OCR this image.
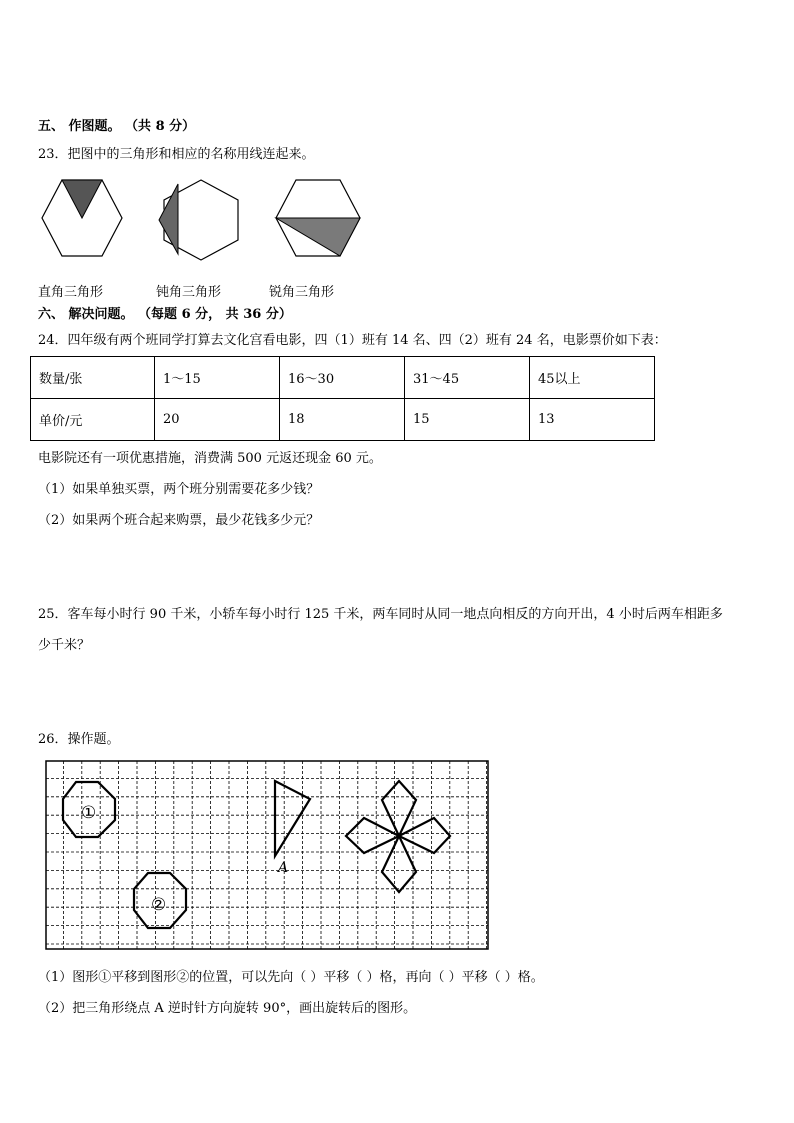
五、 作图题。 （共 8 分）
23．把图中的三角形和相应的名称用线连起来。
直角三角形	钝角三角形	锐角三角形
六、 解决问题。 （每题 6 分， 共 36 分）
24．四年级有两个班同学打算去文化宫看电影，四（1）班有 14 名、四（2）班有 24 名，电影票价如下表：
数量/张	1～15	16～30	31～45	45以上
单价/元	20	18	15	13
电影院还有一项优惠措施，消费满 500 元返还现金 60 元。
（1）如果单独买票，两个班分别需要花多少钱？
（2）如果两个班合起来购票，最少花钱多少元？
25．客车每小时行 90 千米，小轿车每小时行 125 千米，两车同时从同一地点向相反的方向开出，4 小时后两车相距多
少千米？
26．操作题。
①
②
A
（1）图形①平移到图形②的位置，可以先向（ ）平移（ ）格，再向（ ）平移（ ）格。
（2）把三角形绕点 A 逆时针方向旋转 90°，画出旋转后的图形。
